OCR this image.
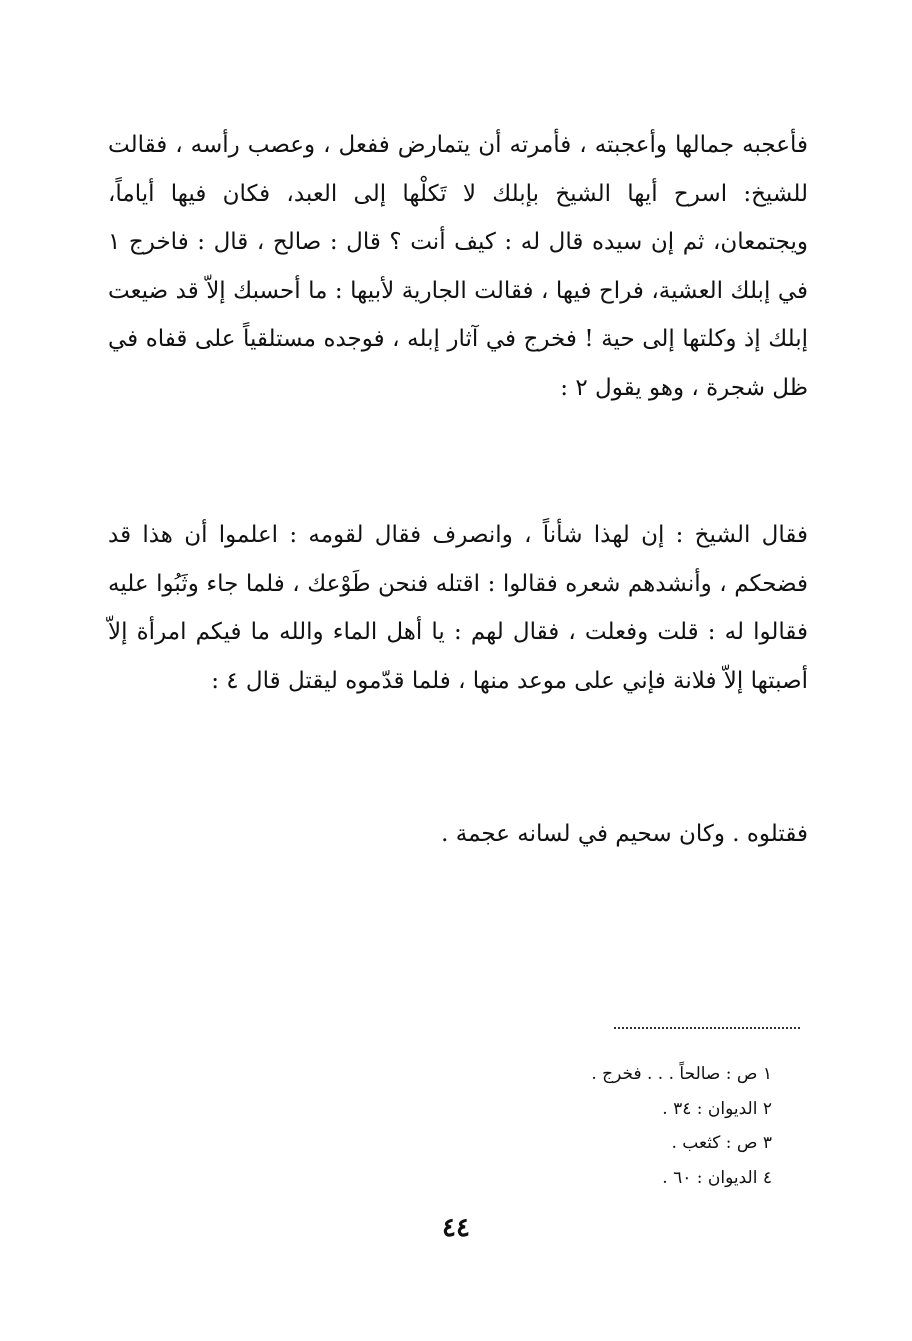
فأعجبه جمالها وأعجبته ، فأمرته أن يتمارض ففعل ، وعصب رأسه ، فقالت للشيخ: اسرح أيها الشيخ بإبلك لا تَكلْها إلى العبد، فكان فيها أياماً، ويجتمعان، ثم إن سيده قال له : كيف أنت ؟ قال : صالح ، قال : فاخرج ١ في إبلك العشية، فراح فيها ، فقالت الجارية لأبيها : ما أحسبك إلاّ قد ضيعت إبلك إذ وكلتها إلى حية ! فخرج في آثار إبله ، فوجده مستلقياً على قفاه في ظل شجرة ، وهو يقول ٢ :

فقال الشيخ : إن لهذا شأناً ، وانصرف فقال لقومه : اعلموا أن هذا قد فضحكم ، وأنشدهم شعره فقالوا : اقتله فنحن طَوْعك ، فلما جاء وثَبُوا عليه فقالوا له : قلت وفعلت ، فقال لهم : يا أهل الماء والله ما فيكم امرأة إلاّ أصبتها إلاّ فلانة فإني على موعد منها ، فلما قدّموه ليقتل قال ٤ :

فقتلوه . وكان سحيم في لسانه عجمة .

١ ص : صالحاً . . . فخرج .
٢ الديوان : ٣٤ .
٣ ص : كثعب .
٤ الديوان : ٦٠ .
٤٤
